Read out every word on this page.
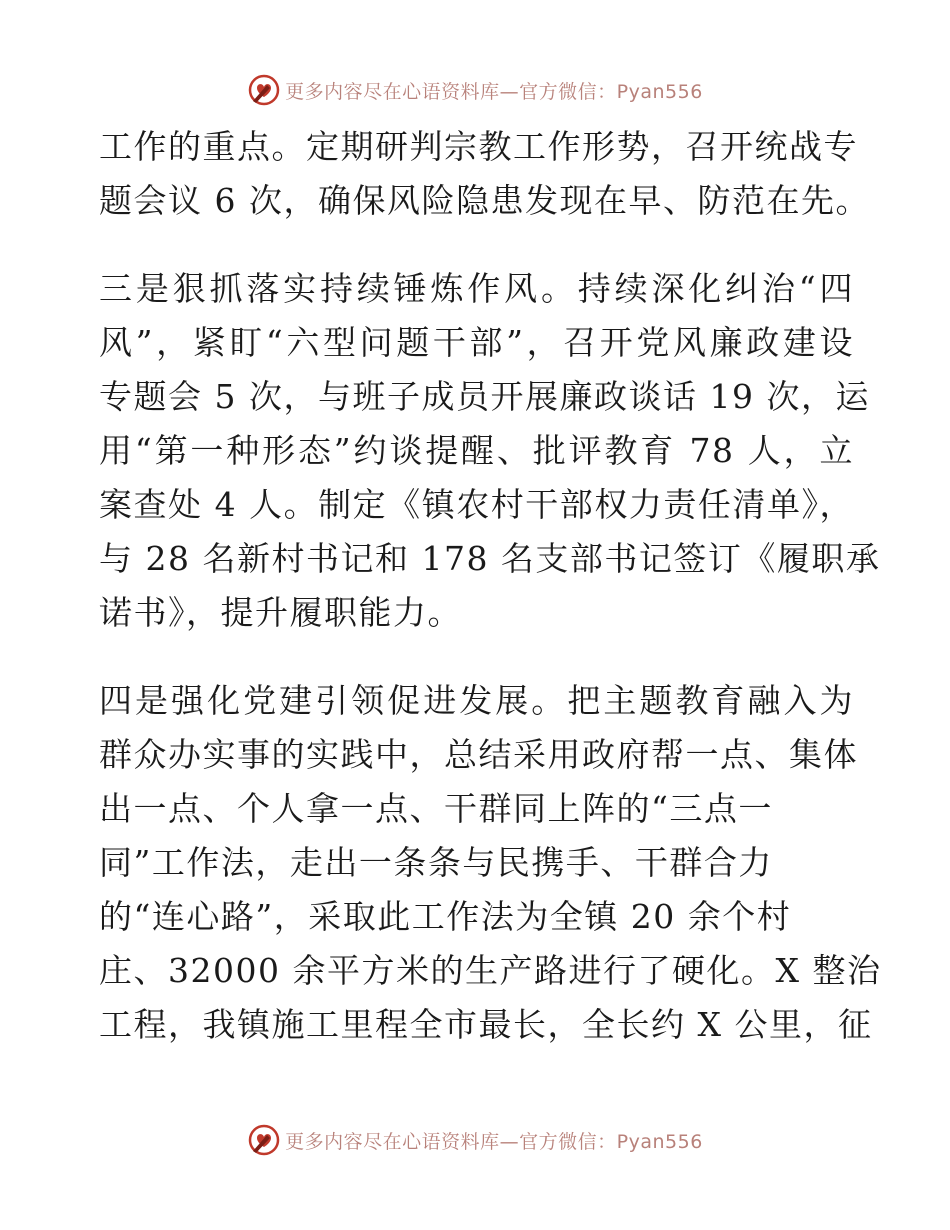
更多内容尽在心语资料库—官方微信：Pyan556
工作的重点。定期研判宗教工作形势，召开统战专
题会议 6 次，确保风险隐患发现在早、防范在先。
三是狠抓落实持续锤炼作风。持续深化纠治“四
风”，紧盯“六型问题干部”，召开党风廉政建设
专题会 5 次，与班子成员开展廉政谈话 19 次，运
用“第一种形态”约谈提醒、批评教育 78 人，立
案查处 4 人。制定《镇农村干部权力责任清单》，
与 28 名新村书记和 178 名支部书记签订《履职承
诺书》，提升履职能力。
四是强化党建引领促进发展。把主题教育融入为
群众办实事的实践中，总结采用政府帮一点、集体
出一点、个人拿一点、干群同上阵的“三点一
同”工作法，走出一条条与民携手、干群合力
的“连心路”，采取此工作法为全镇 20 余个村
庄、32000 余平方米的生产路进行了硬化。X 整治
工程，我镇施工里程全市最长，全长约 X 公里，征
更多内容尽在心语资料库—官方微信：Pyan556
